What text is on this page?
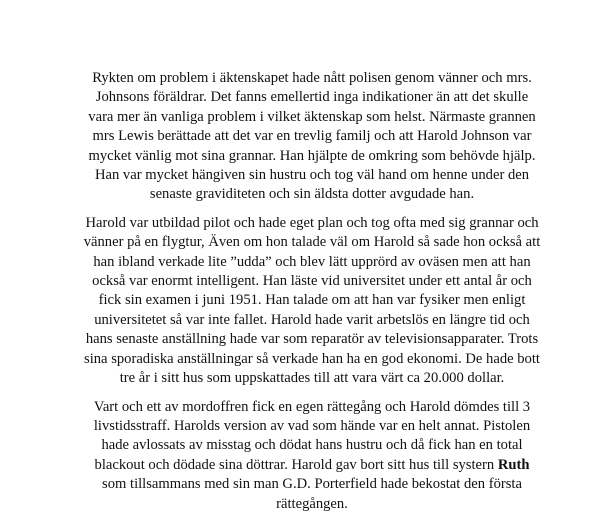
Rykten om problem i äktenskapet hade nått polisen genom vänner och mrs. Johnsons föräldrar. Det fanns emellertid inga indikationer än att det skulle vara mer än vanliga problem i vilket äktenskap som helst. Närmaste grannen mrs Lewis berättade att det var en trevlig familj och att Harold Johnson var mycket vänlig mot sina grannar. Han hjälpte de omkring som behövde hjälp. Han var mycket hängiven sin hustru och tog väl hand om henne under den senaste graviditeten och sin äldsta dotter avgudade han.

Harold var utbildad pilot och hade eget plan och tog ofta med sig grannar och vänner på en flygtur, Även om hon talade väl om Harold så sade hon också att han ibland verkade lite ”udda” och blev lätt upprörd av oväsen men att han också var enormt intelligent. Han läste vid universitet under ett antal år och fick sin examen i juni 1951. Han talade om att han var fysiker men enligt universitetet så var inte fallet. Harold hade varit arbetslös en längre tid och hans senaste anställning hade var som reparatör av televisionsapparater. Trots sina sporadiska anställningar så verkade han ha en god ekonomi. De hade bott tre år i sitt hus som uppskattades till att vara värt ca 20.000 dollar.

Vart och ett av mordoffren fick en egen rättegång och Harold dömdes till 3 livstidsstraff. Harolds version av vad som hände var en helt annat. Pistolen hade avlossats av misstag och dödat hans hustru och då fick han en total blackout och dödade sina döttrar. Harold gav bort sitt hus till systern Ruth som tillsammans med sin man G.D. Porterfield hade bekostat den första rättegången.
